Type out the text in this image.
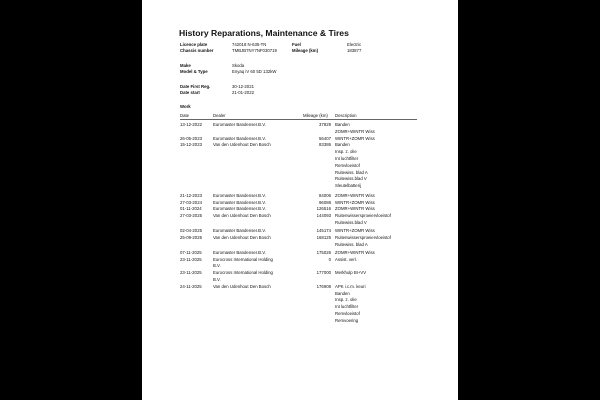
History Reparations, Maintenance & Tires
Licence plate	742018 N-635-TN	Fuel	Electric
Chassis number	TMBJB7NY7NF030719	Mileage (km)	183877
Make	Skoda
Model & Type	Enyaq iV 60 5D 132kW
Date First Reg.	30-12-2021
Date start	21-01-2022
Work
Date	Dealer	Mileage (km) Description
13-12-2022	Euromaster Bandenser.B.V.	37829 Banden
ZOMR+WINTR Wiss
26-05-2023	Euromaster Bandenser.B.V.	56407 WINTR+ZOMR Wiss
15-12-2023	Van den Udenhout Den Bosch	83386 Banden
Insp. z. olie
Int luchtfilter
Remvloeistof
Ruitewiss. blad A
Ruitewiss.blad V
Sleutelbatterij
21-12-2023	Euromaster Bandenser.B.V.	84006 ZOMR+WINTR Wiss
27-03-2024	Euromaster Bandenser.B.V.	96088 WINTR+ZOMR Wiss
01-11-2024	Euromaster Bandenser.B.V.	126516 ZOMR+WINTR Wiss
27-03-2025	Van den Udenhout Den Bosch	144093 Ruitenwissersproeiervloeistof
Ruitewiss.blad V
02-04-2025	Euromaster Bandenser.B.V.	145174 WINTR+ZOMR Wiss
25-09-2025	Van den Udenhout Den Bosch	168125 Ruitenwissersproeiervloeistof
Ruitewiss. blad A
07-11-2025	Euromaster Bandenser.B.V.	175026 ZOMR+WINTR Wiss
23-11-2025	Eurocross International Holding
B.V.
0 Assist. verl.
23-11-2025	Eurocross International Holding
B.V.
177000 Merkhulp BI+VV
24-11-2025	Van den Udenhout Den Bosch	176908 APK i.c.m. keuri
Banden
Insp. z. olie
Int luchtfilter
Remvloeistof
Remvoering
